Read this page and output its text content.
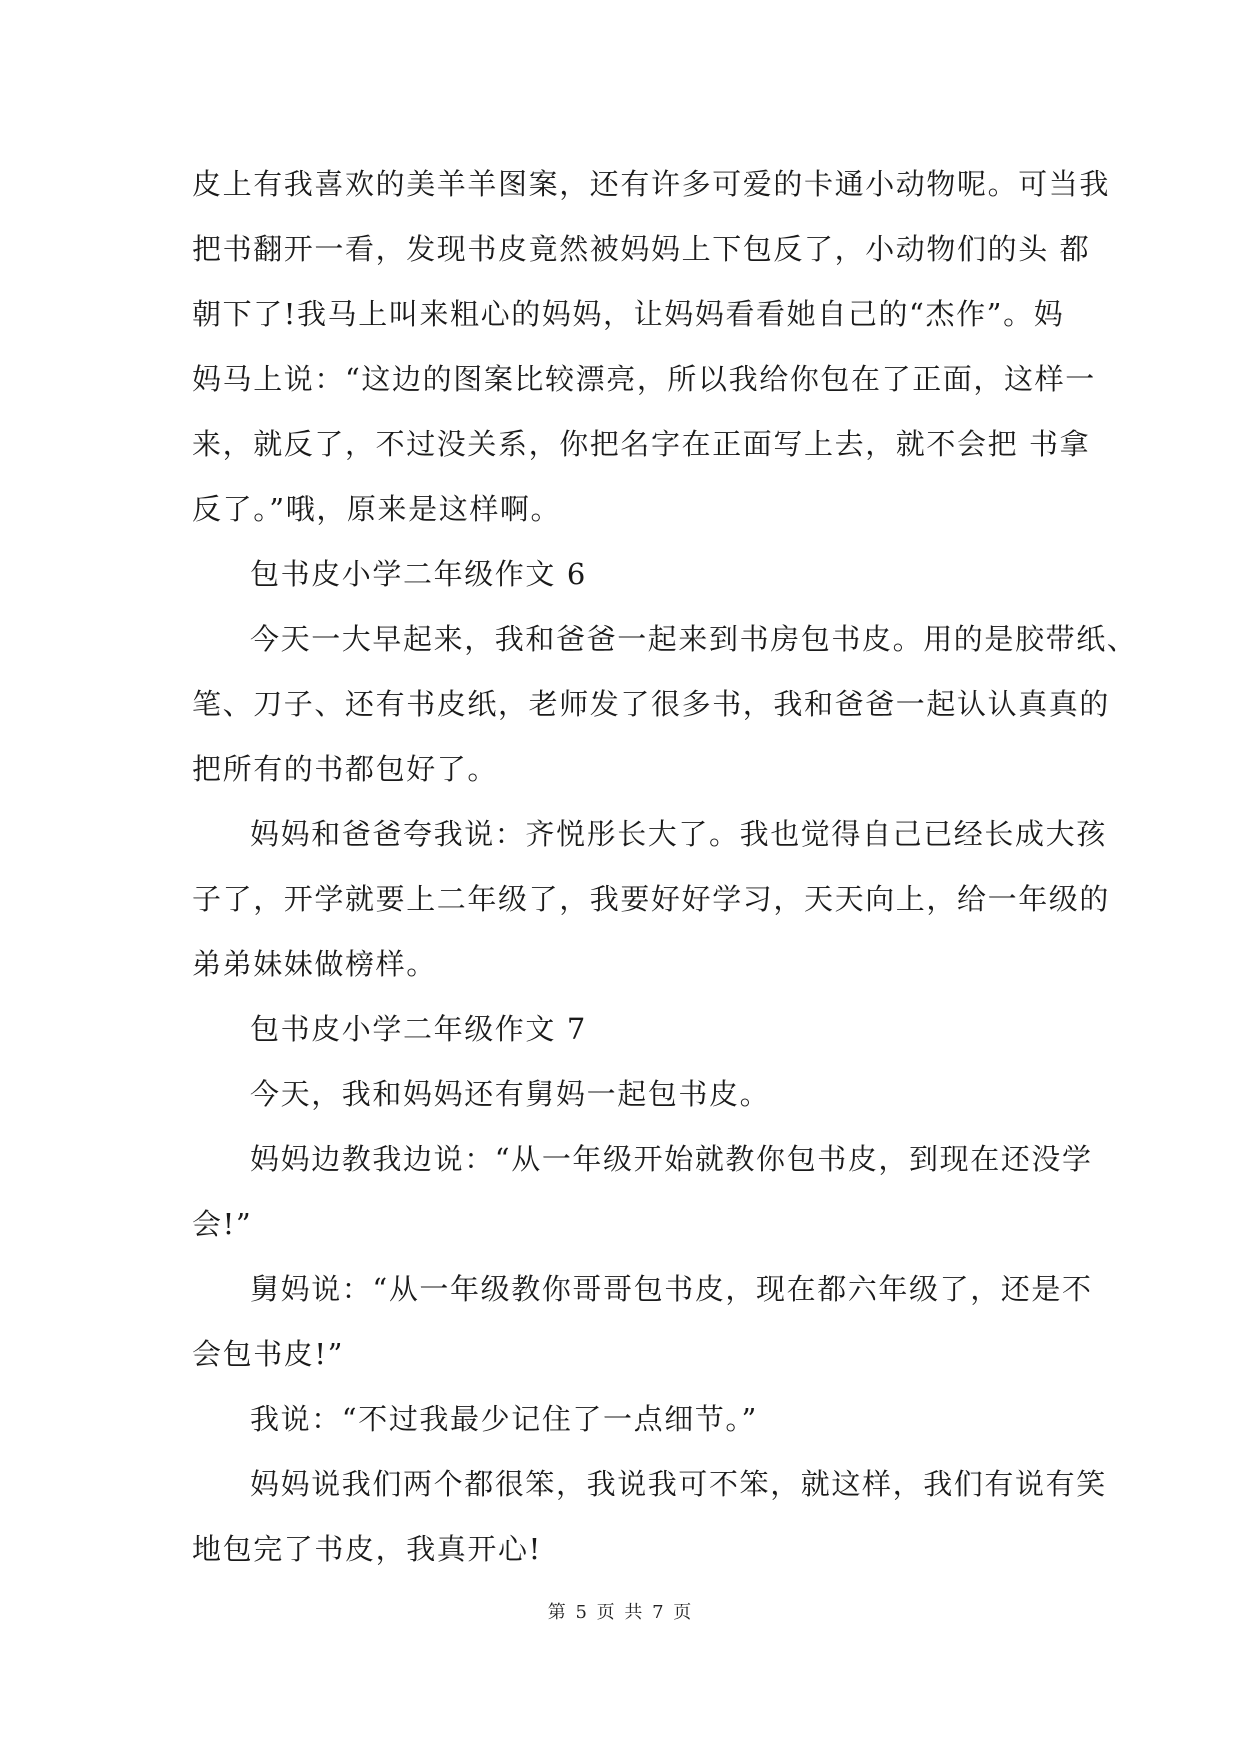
皮上有我喜欢的美羊羊图案，还有许多可爱的卡通小动物呢。可当我
把书翻开一看，发现书皮竟然被妈妈上下包反了，小动物们的头 都
朝下了!我马上叫来粗心的妈妈，让妈妈看看她自己的“杰作”。妈
妈马上说：“这边的图案比较漂亮，所以我给你包在了正面，这样一
来，就反了，不过没关系，你把名字在正面写上去，就不会把 书拿
反了。”哦，原来是这样啊。
包书皮小学二年级作文 6
今天一大早起来，我和爸爸一起来到书房包书皮。用的是胶带纸、
笔、刀子、还有书皮纸，老师发了很多书，我和爸爸一起认认真真的
把所有的书都包好了。
妈妈和爸爸夸我说：齐悦彤长大了。我也觉得自己已经长成大孩
子了，开学就要上二年级了，我要好好学习，天天向上，给一年级的
弟弟妹妹做榜样。
包书皮小学二年级作文 7
今天，我和妈妈还有舅妈一起包书皮。
妈妈边教我边说：“从一年级开始就教你包书皮，到现在还没学
会!”
舅妈说：“从一年级教你哥哥包书皮，现在都六年级了，还是不
会包书皮!”
我说：“不过我最少记住了一点细节。”
妈妈说我们两个都很笨，我说我可不笨，就这样，我们有说有笑
地包完了书皮，我真开心!
第 5 页 共 7 页
